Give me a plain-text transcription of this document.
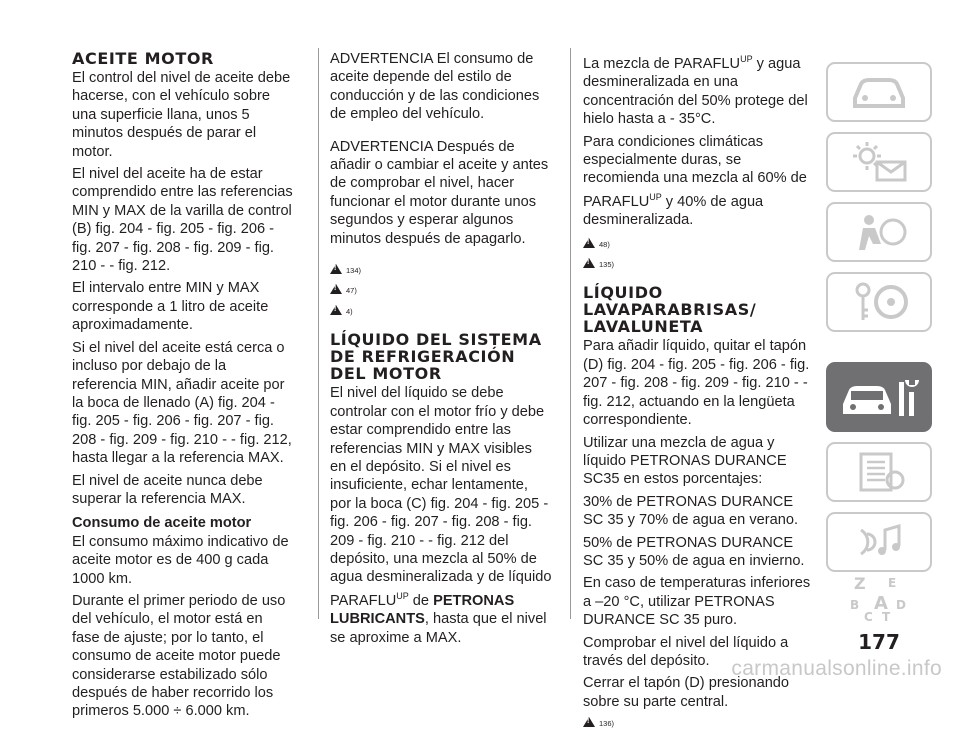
ACEITE MOTOR

El control del nivel de aceite debe hacerse, con el vehículo sobre una superficie llana, unos 5 minutos después de parar el motor.

El nivel del aceite ha de estar comprendido entre las referencias MIN y MAX de la varilla de control (B) fig. 204 - fig. 205 - fig. 206 - fig. 207 - fig. 208 - fig. 209 - fig. 210 - - fig. 212.

El intervalo entre MIN y MAX corresponde a 1 litro de aceite aproximadamente.

Si el nivel del aceite está cerca o incluso por debajo de la referencia MIN, añadir aceite por la boca de llenado (A) fig. 204 - fig. 205 - fig. 206 - fig. 207 - fig. 208 - fig. 209 - fig. 210 - - fig. 212, hasta llegar a la referencia MAX.

El nivel de aceite nunca debe superar la referencia MAX.

Consumo de aceite motor

El consumo máximo indicativo de aceite motor es de 400 g cada 1000 km.

Durante el primer periodo de uso del vehículo, el motor está en fase de ajuste; por lo tanto, el consumo de aceite motor puede considerarse estabilizado sólo después de haber recorrido los primeros 5.000 ÷ 6.000 km.

ADVERTENCIA El consumo de aceite depende del estilo de conducción y de las condiciones de empleo del vehículo.

ADVERTENCIA Después de añadir o cambiar el aceite y antes de comprobar el nivel, hacer funcionar el motor durante unos segundos y esperar algunos minutos después de apagarlo.

!134)
!47)
!4)
LÍQUIDO DEL SISTEMA DE REFRIGERACIÓN DEL MOTOR

El nivel del líquido se debe controlar con el motor frío y debe estar comprendido entre las referencias MIN y MAX visibles en el depósito. Si el nivel es insuficiente, echar lentamente, por la boca (C) fig. 204 - fig. 205 - fig. 206 - fig. 207 - fig. 208 - fig. 209 - fig. 210 - - fig. 212 del depósito, una mezcla al 50% de agua desmineralizada y de líquido $PARAFLU^{UP}$ de PETRONAS LUBRICANTS, hasta que el nivel se aproxime a MAX.

La mezcla de $PARAFLU^{UP}$ y agua desmineralizada en una concentración del 50% protege del hielo hasta a - 35°C.

Para condiciones climáticas especialmente duras, se recomienda una mezcla al 60% de $PARAFLU^{UP}$ y 40% de agua desmineralizada.

!48)
!135)
LÍQUIDO LAVAPARABRISAS/ LAVALUNETA

Para añadir líquido, quitar el tapón (D) fig. 204 - fig. 205 - fig. 206 - fig. 207 - fig. 208 - fig. 209 - fig. 210 - - fig. 212, actuando en la lengüeta correspondiente.

Utilizar una mezcla de agua y líquido PETRONAS DURANCE SC35 en estos porcentajes:

30% de PETRONAS DURANCE SC 35 y 70% de agua en verano.

50% de PETRONAS DURANCE SC 35 y 50% de agua en invierno.

En caso de temperaturas inferiores a –20 °C, utilizar PETRONAS DURANCE SC 35 puro.

Comprobar el nivel del líquido a través del depósito.

Cerrar el tapón (D) presionando sobre su parte central.

!136)
Z E
B A D
C T
177
carmanualsonline.info
